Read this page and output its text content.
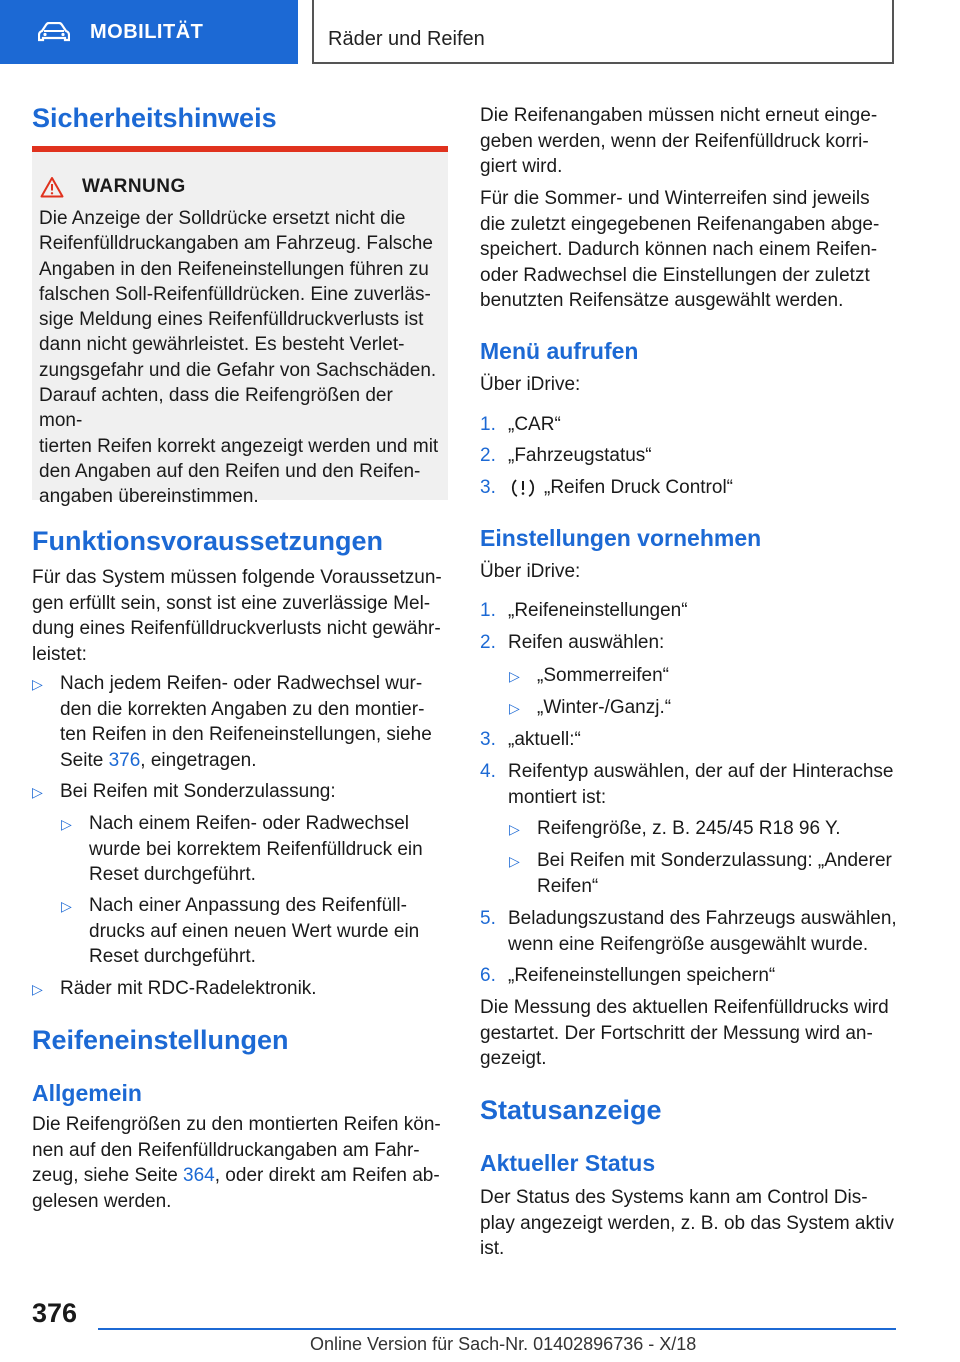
MOBILITÄT	Räder und Reifen
Sicherheitshinweis
WARNUNG
Die Anzeige der Solldrücke ersetzt nicht die
Reifenfülldruckangaben am Fahrzeug. Falsche
Angaben in den Reifeneinstellungen führen zu
falschen Soll-Reifenfülldrücken. Eine zuverläs-
sige Meldung eines Reifenfülldruckverlusts ist
dann nicht gewährleistet. Es besteht Verlet-
zungsgefahr und die Gefahr von Sachschäden.
Darauf achten, dass die Reifengrößen der mon-
tierten Reifen korrekt angezeigt werden und mit
den Angaben auf den Reifen und den Reifen-
angaben übereinstimmen.
Funktionsvoraussetzungen
Für das System müssen folgende Voraussetzun-
gen erfüllt sein, sonst ist eine zuverlässige Mel-
dung eines Reifenfülldruckverlusts nicht gewähr-
leistet:
▷ Nach jedem Reifen- oder Radwechsel wur-
den die korrekten Angaben zu den montier-
ten Reifen in den Reifeneinstellungen, siehe
Seite 376, eingetragen.
▷ Bei Reifen mit Sonderzulassung:
▷ Nach einem Reifen- oder Radwechsel
wurde bei korrektem Reifenfülldruck ein
Reset durchgeführt.
▷ Nach einer Anpassung des Reifenfüll-
drucks auf einen neuen Wert wurde ein
Reset durchgeführt.
▷ Räder mit RDC-Radelektronik.
Reifeneinstellungen
Allgemein
Die Reifengrößen zu den montierten Reifen kön-
nen auf den Reifenfülldruckangaben am Fahr-
zeug, siehe Seite 364, oder direkt am Reifen ab-
gelesen werden.
Die Reifenangaben müssen nicht erneut einge-
geben werden, wenn der Reifenfülldruck korri-
giert wird.
Für die Sommer- und Winterreifen sind jeweils
die zuletzt eingegebenen Reifenangaben abge-
speichert. Dadurch können nach einem Reifen-
oder Radwechsel die Einstellungen der zuletzt
benutzten Reifensätze ausgewählt werden.
Menü aufrufen
Über iDrive:
1. „CAR“
2. „Fahrzeugstatus“
3.	„Reifen Druck Control“
Einstellungen vornehmen
Über iDrive:
1. „Reifeneinstellungen“
2. Reifen auswählen:
▷ „Sommerreifen“
▷ „Winter-/Ganzj.“
3. „aktuell:“
4. Reifentyp auswählen, der auf der Hinterachse
montiert ist:
▷ Reifengröße, z. B. 245/45 R18 96 Y.
▷ Bei Reifen mit Sonderzulassung: „Anderer
Reifen“
5. Beladungszustand des Fahrzeugs auswählen,
wenn eine Reifengröße ausgewählt wurde.
6. „Reifeneinstellungen speichern“
Die Messung des aktuellen Reifenfülldrucks wird
gestartet. Der Fortschritt der Messung wird an-
gezeigt.
Statusanzeige
Aktueller Status
Der Status des Systems kann am Control Dis-
play angezeigt werden, z. B. ob das System aktiv
ist.
376
Online Version für Sach-Nr. 01402896736 - X/18
